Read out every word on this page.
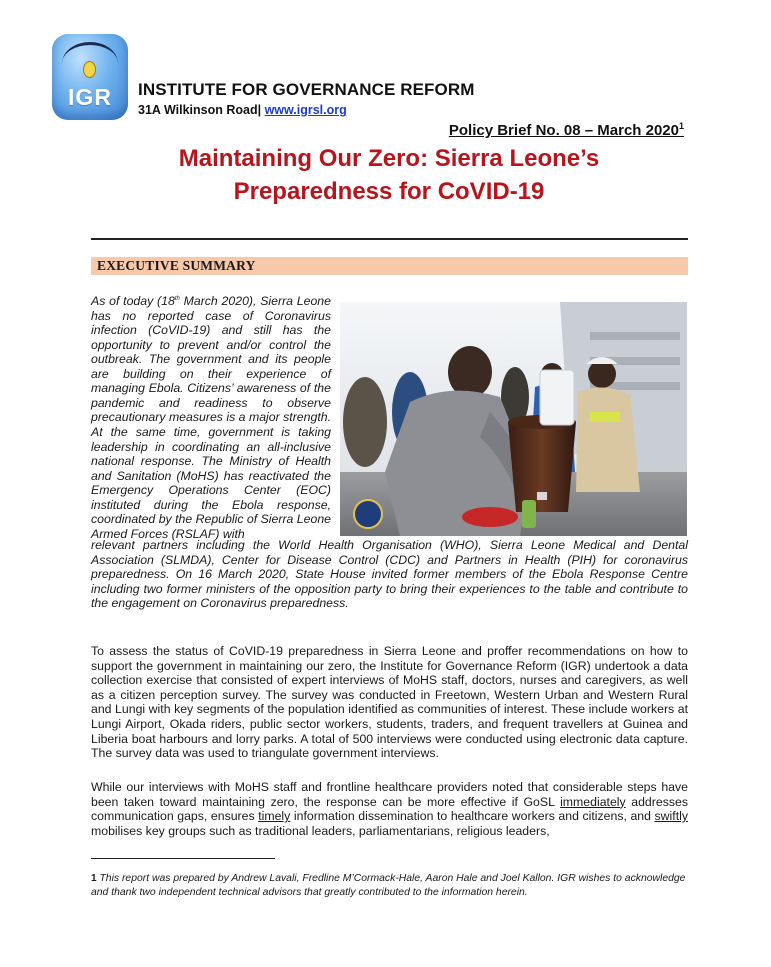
IGR	INSTITUTE FOR GOVERNANCE REFORM
31A Wilkinson Road| www.igrsl.org
Policy Brief No. 08 – March 2020$^1$
Maintaining Our Zero: Sierra Leone’s
Preparedness for CoVID-19
EXECUTIVE SUMMARY

As of today (18th March 2020), Sierra Leone has no reported case of Coronavirus infection (CoVID-19) and still has the opportunity to prevent and/or control the outbreak. The government and its people are building on their experience of managing Ebola. Citizens’ awareness of the pandemic and readiness to observe precautionary measures is a major strength. At the same time, government is taking leadership in coordinating an all-inclusive national response. The Ministry of Health and Sanitation (MoHS) has reactivated the Emergency Operations Center (EOC) instituted during the Ebola response, coordinated by the Republic of Sierra Leone Armed Forces (RSLAF) with

relevant partners including the World Health Organisation (WHO), Sierra Leone Medical and Dental Association (SLMDA), Center for Disease Control (CDC) and Partners in Health (PIH) for coronavirus preparedness. On 16 March 2020, State House invited former members of the Ebola Response Centre including two former ministers of the opposition party to bring their experiences to the table and contribute to the engagement on Coronavirus preparedness.

To assess the status of CoVID-19 preparedness in Sierra Leone and proffer recommendations on how to support the government in maintaining our zero, the Institute for Governance Reform (IGR) undertook a data collection exercise that consisted of expert interviews of MoHS staff, doctors, nurses and caregivers, as well as a citizen perception survey. The survey was conducted in Freetown, Western Urban and Western Rural and Lungi with key segments of the population identified as communities of interest. These include workers at Lungi Airport, Okada riders, public sector workers, students, traders, and frequent travellers at Guinea and Liberia boat harbours and lorry parks. A total of 500 interviews were conducted using electronic data capture. The survey data was used to triangulate government interviews.

While our interviews with MoHS staff and frontline healthcare providers noted that considerable steps have been taken toward maintaining zero, the response can be more effective if GoSL immediately addresses communication gaps, ensures timely information dissemination to healthcare workers and citizens, and swiftly mobilises key groups such as traditional leaders, parliamentarians, religious leaders,

1 This report was prepared by Andrew Lavali, Fredline M’Cormack-Hale, Aaron Hale and Joel Kallon. IGR wishes to acknowledge and thank two independent technical advisors that greatly contributed to the information herein.
